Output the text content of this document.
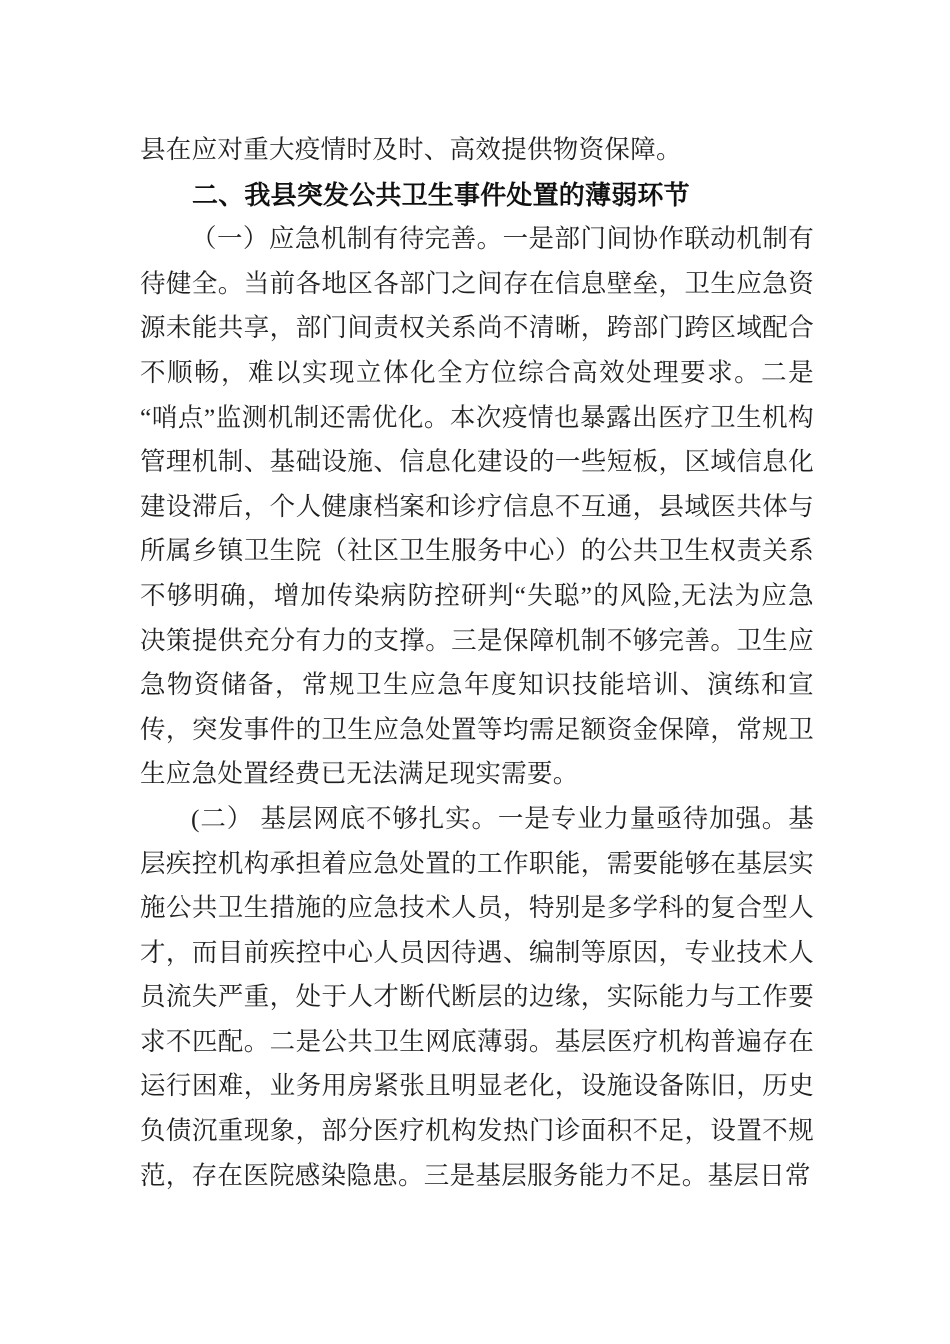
县在应对重大疫情时及时、高效提供物资保障。

二、我县突发公共卫生事件处置的薄弱环节

（一）应急机制有待完善。一是部门间协作联动机制有待健全。当前各地区各部门之间存在信息壁垒，卫生应急资源未能共享，部门间责权关系尚不清晰，跨部门跨区域配合不顺畅，难以实现立体化全方位综合高效处理要求。二是“哨点”监测机制还需优化。本次疫情也暴露出医疗卫生机构管理机制、基础设施、信息化建设的一些短板，区域信息化建设滞后，个人健康档案和诊疗信息不互通，县域医共体与所属乡镇卫生院（社区卫生服务中心）的公共卫生权责关系不够明确，增加传染病防控研判“失聪”的风险,无法为应急决策提供充分有力的支撑。三是保障机制不够完善。卫生应急物资储备，常规卫生应急年度知识技能培训、演练和宣传，突发事件的卫生应急处置等均需足额资金保障，常规卫生应急处置经费已无法满足现实需要。

(二） 基层网底不够扎实。一是专业力量亟待加强。基层疾控机构承担着应急处置的工作职能，需要能够在基层实施公共卫生措施的应急技术人员，特别是多学科的复合型人才，而目前疾控中心人员因待遇、编制等原因，专业技术人员流失严重，处于人才断代断层的边缘，实际能力与工作要求不匹配。二是公共卫生网底薄弱。基层医疗机构普遍存在运行困难，业务用房紧张且明显老化，设施设备陈旧，历史负债沉重现象，部分医疗机构发热门诊面积不足，设置不规范，存在医院感染隐患。三是基层服务能力不足。基层日常
